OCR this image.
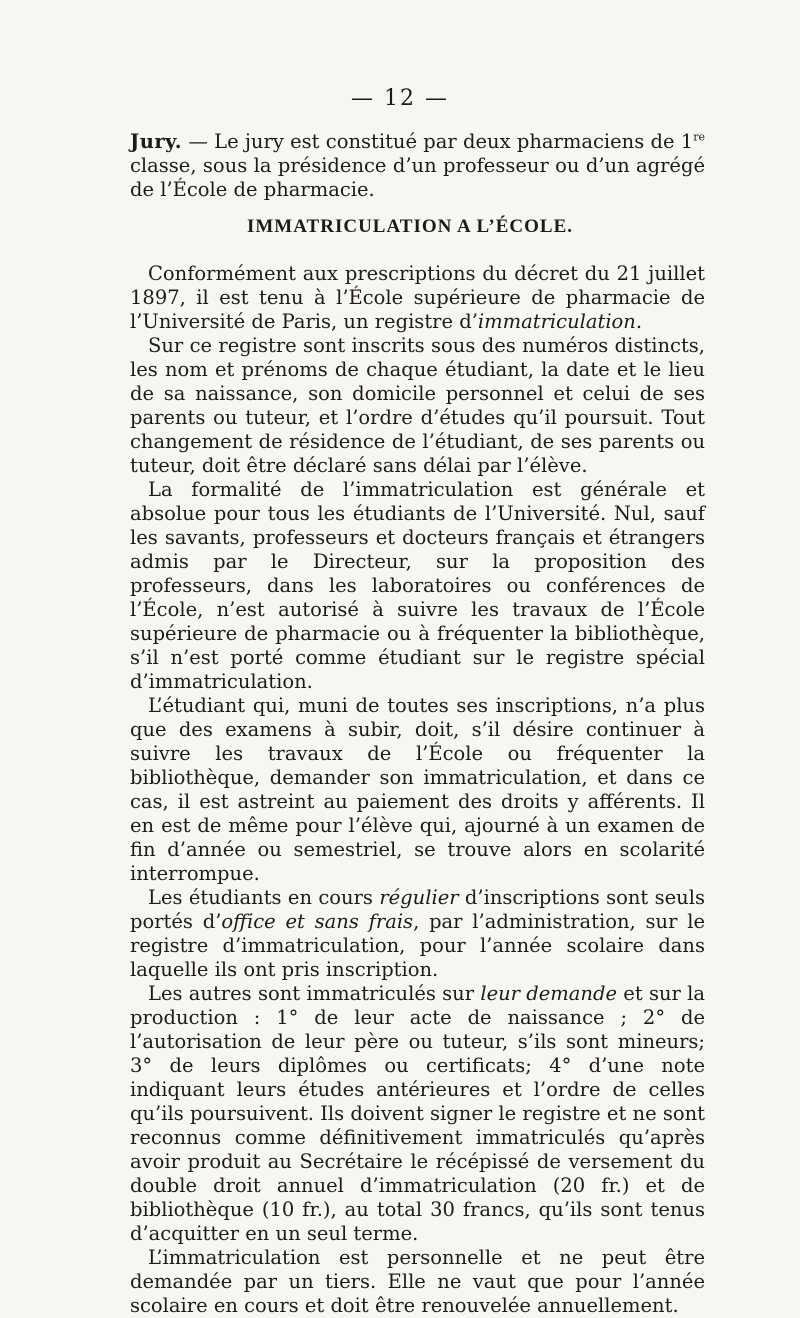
— 12 —
Jury. — Le jury est constitué par deux pharmaciens de 1re classe, sous la présidence d’un professeur ou d’un agrégé de l’École de pharmacie.
IMMATRICULATION A L’ÉCOLE.

Conformément aux prescriptions du décret du 21 juillet 1897, il est tenu à l’École supérieure de pharmacie de l’Université de Paris, un registre d’immatriculation.

Sur ce registre sont inscrits sous des numéros distincts, les nom et prénoms de chaque étudiant, la date et le lieu de sa naissance, son domicile personnel et celui de ses parents ou tuteur, et l’ordre d’études qu’il poursuit. Tout changement de résidence de l’étudiant, de ses parents ou tuteur, doit être déclaré sans délai par l’élève.

La formalité de l’immatriculation est générale et absolue pour tous les étudiants de l’Université. Nul, sauf les savants, professeurs et docteurs français et étrangers admis par le Directeur, sur la proposition des professeurs, dans les laboratoires ou conférences de l’École, n’est autorisé à suivre les travaux de l’École supérieure de pharmacie ou à fréquenter la bibliothèque, s’il n’est porté comme étudiant sur le registre spécial d’immatriculation.

L’étudiant qui, muni de toutes ses inscriptions, n’a plus que des examens à subir, doit, s’il désire continuer à suivre les travaux de l’École ou fréquenter la bibliothèque, demander son immatriculation, et dans ce cas, il est astreint au paiement des droits y afférents. Il en est de même pour l’élève qui, ajourné à un examen de fin d’année ou semestriel, se trouve alors en scolarité interrompue.

Les étudiants en cours régulier d’inscriptions sont seuls portés d’office et sans frais, par l’administration, sur le registre d’immatriculation, pour l’année scolaire dans laquelle ils ont pris inscription.

Les autres sont immatriculés sur leur demande et sur la production : 1° de leur acte de naissance ; 2° de l’autorisation de leur père ou tuteur, s’ils sont mineurs; 3° de leurs diplômes ou certificats; 4° d’une note indiquant leurs études antérieures et l’ordre de celles qu’ils poursuivent. Ils doivent signer le registre et ne sont reconnus comme définitivement immatriculés qu’après avoir produit au Secrétaire le récépissé de versement du double droit annuel d’immatriculation (20 fr.) et de bibliothèque (10 fr.), au total 30 francs, qu’ils sont tenus d’acquitter en un seul terme.

L’immatriculation est personnelle et ne peut être demandée par un tiers. Elle ne vaut que pour l’année scolaire en cours et doit être renouvelée annuellement.
